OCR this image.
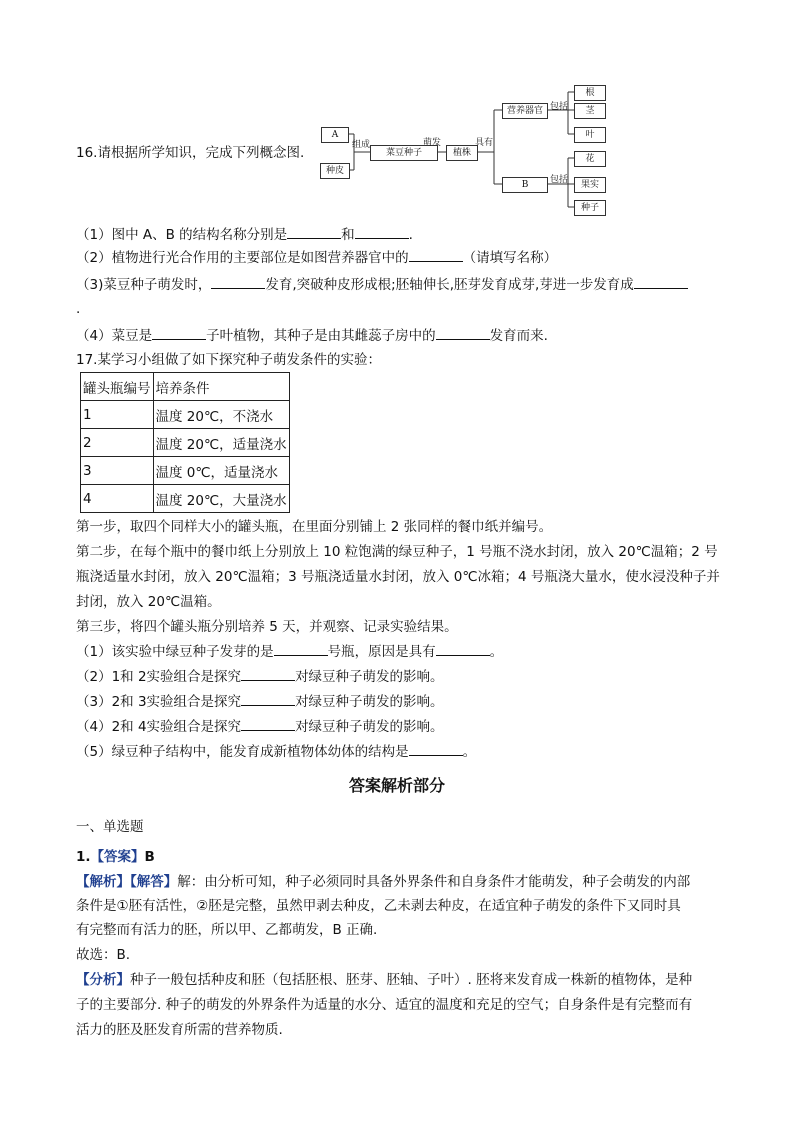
16.请根据所学知识，完成下列概念图.
A
种皮
组成
菜豆种子
萌发
植株
具有
营养器官 包括
根
茎
叶
B	包括
花
果实
种子
（1）图中 A、B 的结构名称分别是	和	.
（2）植物进行光合作用的主要部位是如图营养器官中的	（请填写名称）
（3)菜豆种子萌发时，	发育,突破种皮形成根;胚轴伸长,胚芽发育成芽,芽进一步发育成
.
（4）菜豆是	子叶植物，其种子是由其雌蕊子房中的	发育而来.
17.某学习小组做了如下探究种子萌发条件的实验：
罐头瓶编号	培养条件
1	温度 20℃，不浇水
2	温度 20℃，适量浇水
3	温度 0℃，适量浇水
4	温度 20℃，大量浇水
第一步，取四个同样大小的罐头瓶，在里面分别铺上 2 张同样的餐巾纸并编号。
第二步，在每个瓶中的餐巾纸上分别放上 10 粒饱满的绿豆种子，1 号瓶不浇水封闭，放入 20℃温箱；2 号
瓶浇适量水封闭，放入 20℃温箱；3 号瓶浇适量水封闭，放入 0℃冰箱；4 号瓶浇大量水，使水浸没种子并
封闭，放入 20℃温箱。
第三步，将四个罐头瓶分别培养 5 天，并观察、记录实验结果。
（1）该实验中绿豆种子发芽的是	号瓶，原因是具有	。
（2）1和 2实验组合是探究	对绿豆种子萌发的影响。
（3）2和 3实验组合是探究	对绿豆种子萌发的影响。
（4）2和 4实验组合是探究	对绿豆种子萌发的影响。
（5）绿豆种子结构中，能发育成新植物体幼体的结构是	。
答案解析部分
一、单选题
1.【答案】B
【解析】【解答】解：由分析可知，种子必须同时具备外界条件和自身条件才能萌发，种子会萌发的内部
条件是①胚有活性，②胚是完整，虽然甲剥去种皮，乙未剥去种皮，在适宜种子萌发的条件下又同时具
有完整而有活力的胚，所以甲、乙都萌发，B 正确.
故选：B.
【分析】种子一般包括种皮和胚（包括胚根、胚芽、胚轴、子叶）. 胚将来发育成一株新的植物体，是种
子的主要部分. 种子的萌发的外界条件为适量的水分、适宜的温度和充足的空气；自身条件是有完整而有
活力的胚及胚发育所需的营养物质.
